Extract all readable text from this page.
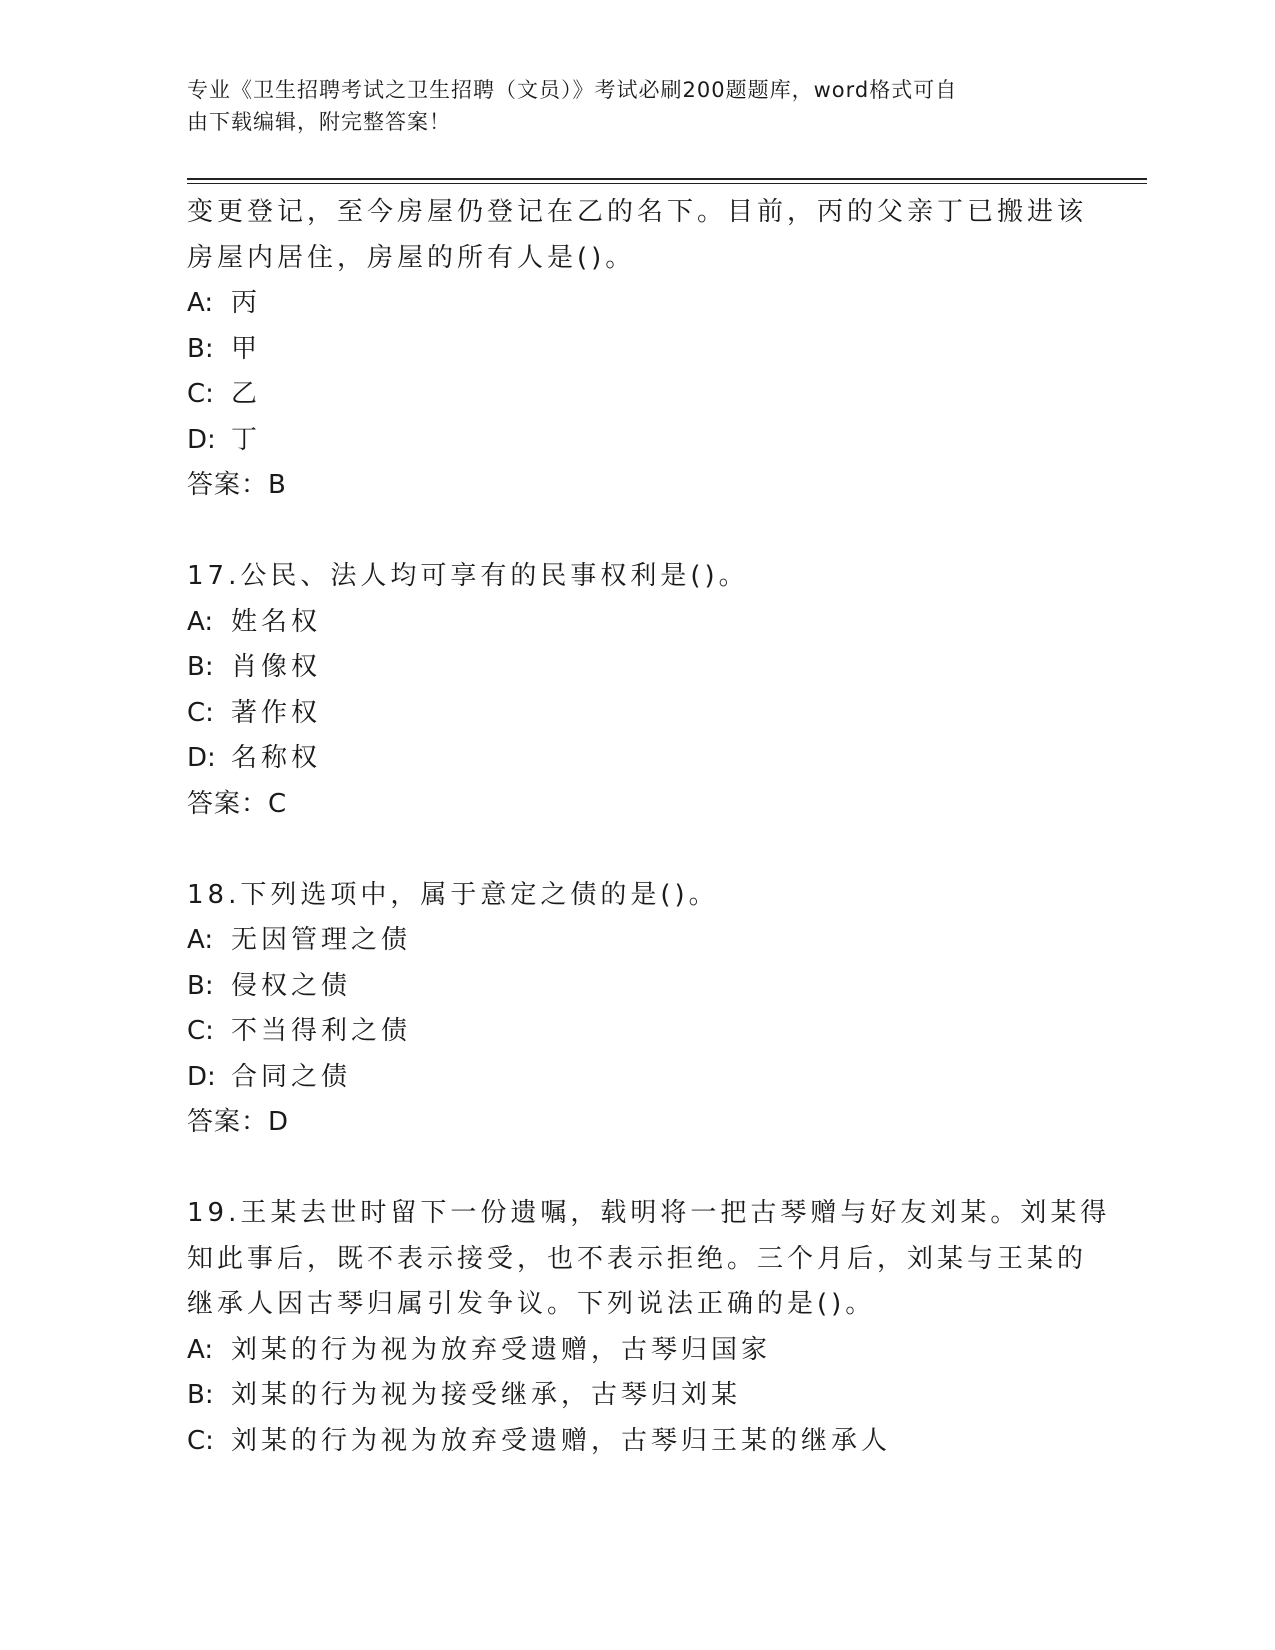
专业《卫生招聘考试之卫生招聘（文员）》考试必刷200题题库，word格式可自
由下载编辑，附完整答案！
变更登记，至今房屋仍登记在乙的名下。目前，丙的父亲丁已搬进该
房屋内居住，房屋的所有人是()。
A: 丙
B: 甲
C: 乙
D: 丁
答案：B
17.公民、法人均可享有的民事权利是()。
A: 姓名权
B: 肖像权
C: 著作权
D: 名称权
答案：C
18.下列选项中，属于意定之债的是()。
A: 无因管理之债
B: 侵权之债
C: 不当得利之债
D: 合同之债
答案：D
19.王某去世时留下一份遗嘱，载明将一把古琴赠与好友刘某。刘某得
知此事后，既不表示接受，也不表示拒绝。三个月后，刘某与王某的
继承人因古琴归属引发争议。下列说法正确的是()。
A: 刘某的行为视为放弃受遗赠，古琴归国家
B: 刘某的行为视为接受继承，古琴归刘某
C: 刘某的行为视为放弃受遗赠，古琴归王某的继承人
